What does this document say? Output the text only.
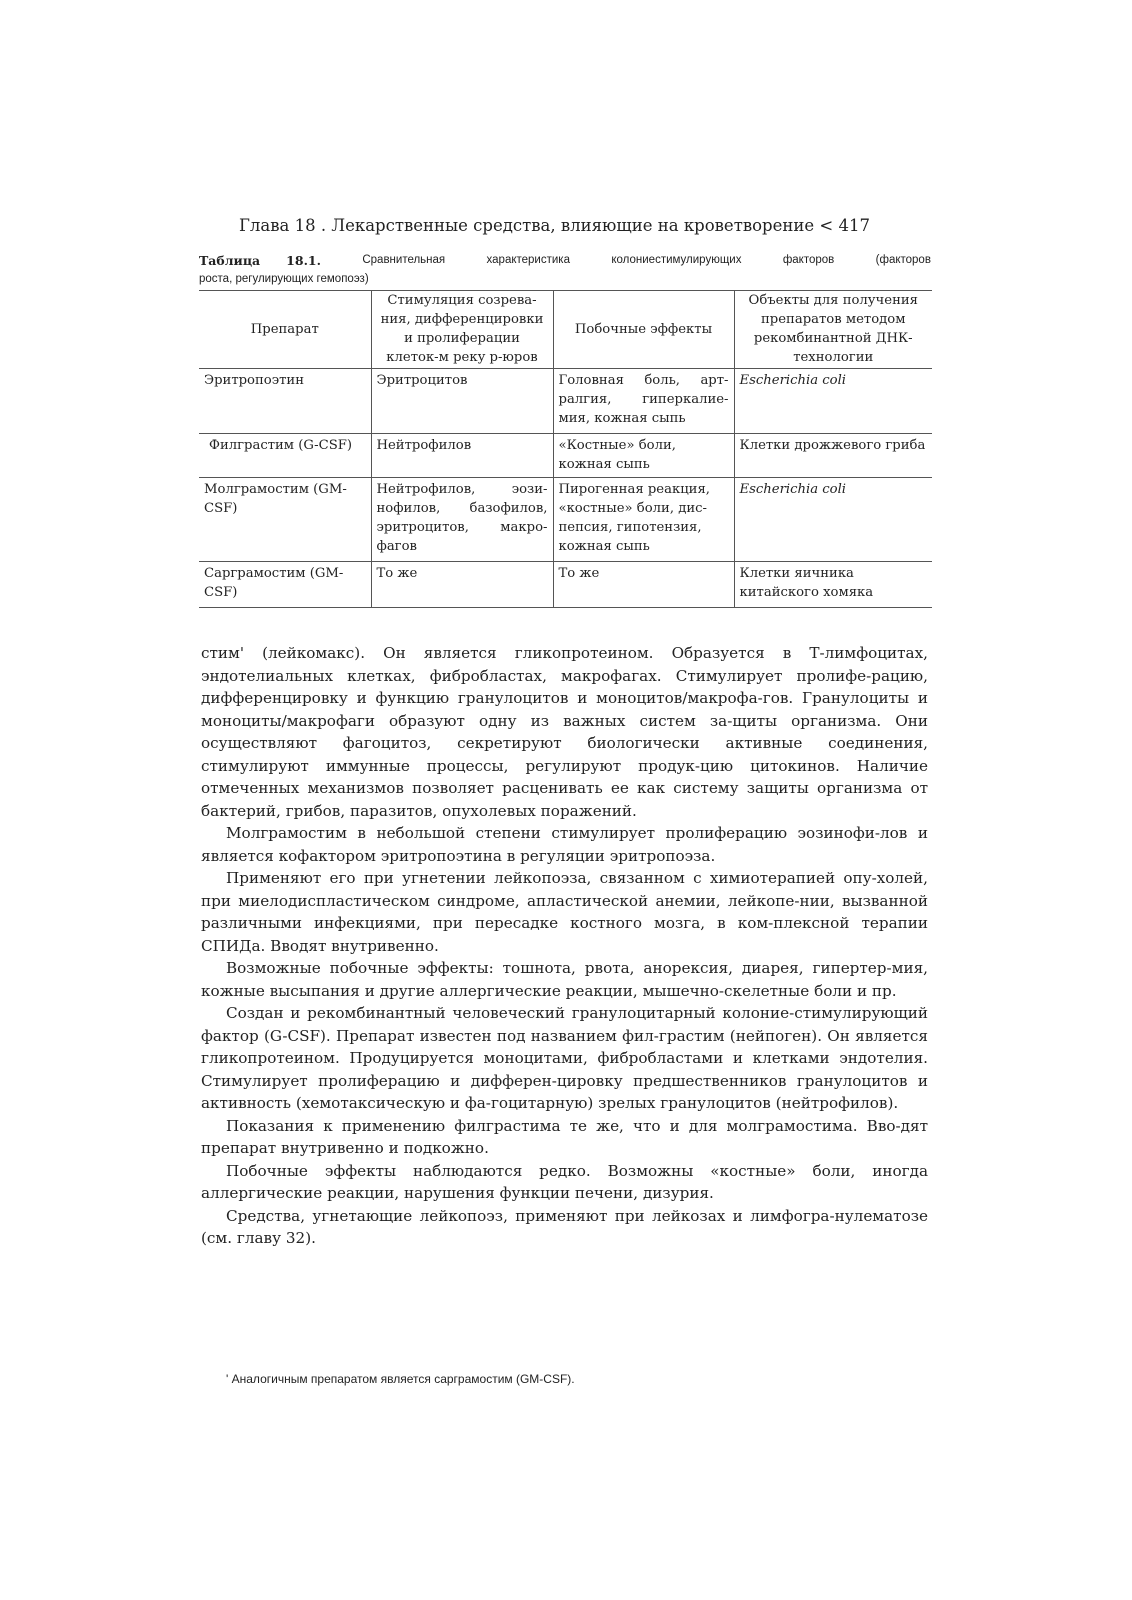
Глава 18 . Лекарственные средства, влияющие на кроветворение < 417
Таблица 18.1.	Сравнительная	характеристика	колониестимулирующих	факторов	(факторов
роста, регулирующих гемопоэз)
Препарат	Стимуляция созрева-ния, дифференцировки и пролиферации клеток-м реку р-юров	Побочные эффекты	Объекты для получения препаратов методом рекомбинантной ДНК-технологии
Эритропоэтин	Эритроцитов	Головная боль, арт-ралгия, гиперкалие-мия, кожная сыпь	Escherichia coli
Филграстим (G-CSF)	Нейтрофилов	«Костные» боли, кожная сыпь	Клетки дрожжевого гриба
Молграмостим (GM-CSF)	Нейтрофилов, эози-нофилов, базофилов, эритроцитов, макро-фагов	Пирогенная реакция, «костные» боли, дис-пепсия, гипотензия, кожная сыпь	Escherichia coli
Сарграмостим (GM-CSF)	То же	То же	Клетки яичника китайского хомяка

стим' (лейкомакс). Он является гликопротеином. Образуется в Т-лимфоцитах, эндотелиальных клетках, фибробластах, макрофагах. Стимулирует пролифе-рацию, дифференцировку и функцию гранулоцитов и моноцитов/макрофа-гов. Гранулоциты и моноциты/макрофаги образуют одну из важных систем за-щиты организма. Они осуществляют фагоцитоз, секретируют биологически активные соединения, стимулируют иммунные процессы, регулируют продук-цию цитокинов. Наличие отмеченных механизмов позволяет расценивать ее как систему защиты организма от бактерий, грибов, паразитов, опухолевых поражений.

Молграмостим в небольшой степени стимулирует пролиферацию эозинофи-лов и является кофактором эритропоэтина в регуляции эритропоэза.

Применяют его при угнетении лейкопоэза, связанном с химиотерапией опу-холей, при миелодиспластическом синдроме, апластической анемии, лейкопе-нии, вызванной различными инфекциями, при пересадке костного мозга, в ком-плексной терапии СПИДа. Вводят внутривенно.

Возможные побочные эффекты: тошнота, рвота, анорексия, диарея, гипертер-мия, кожные высыпания и другие аллергические реакции, мышечно-скелетные боли и пр.

Создан и рекомбинантный человеческий гранулоцитарный колоние-стимулирующий фактор (G-CSF). Препарат известен под названием фил-грастим (нейпоген). Он является гликопротеином. Продуцируется моноцитами, фибробластами и клетками эндотелия. Стимулирует пролиферацию и дифферен-цировку предшественников гранулоцитов и активность (хемотаксическую и фа-гоцитарную) зрелых гранулоцитов (нейтрофилов).

Показания к применению филграстима те же, что и для молграмостима. Вво-дят препарат внутривенно и подкожно.

Побочные эффекты наблюдаются редко. Возможны «костные» боли, иногда аллергические реакции, нарушения функции печени, дизурия.

Средства, угнетающие лейкопоэз, применяют при лейкозах и лимфогра-нулематозе (см. главу 32).

' Аналогичным препаратом является сарграмостим (GM-CSF).
